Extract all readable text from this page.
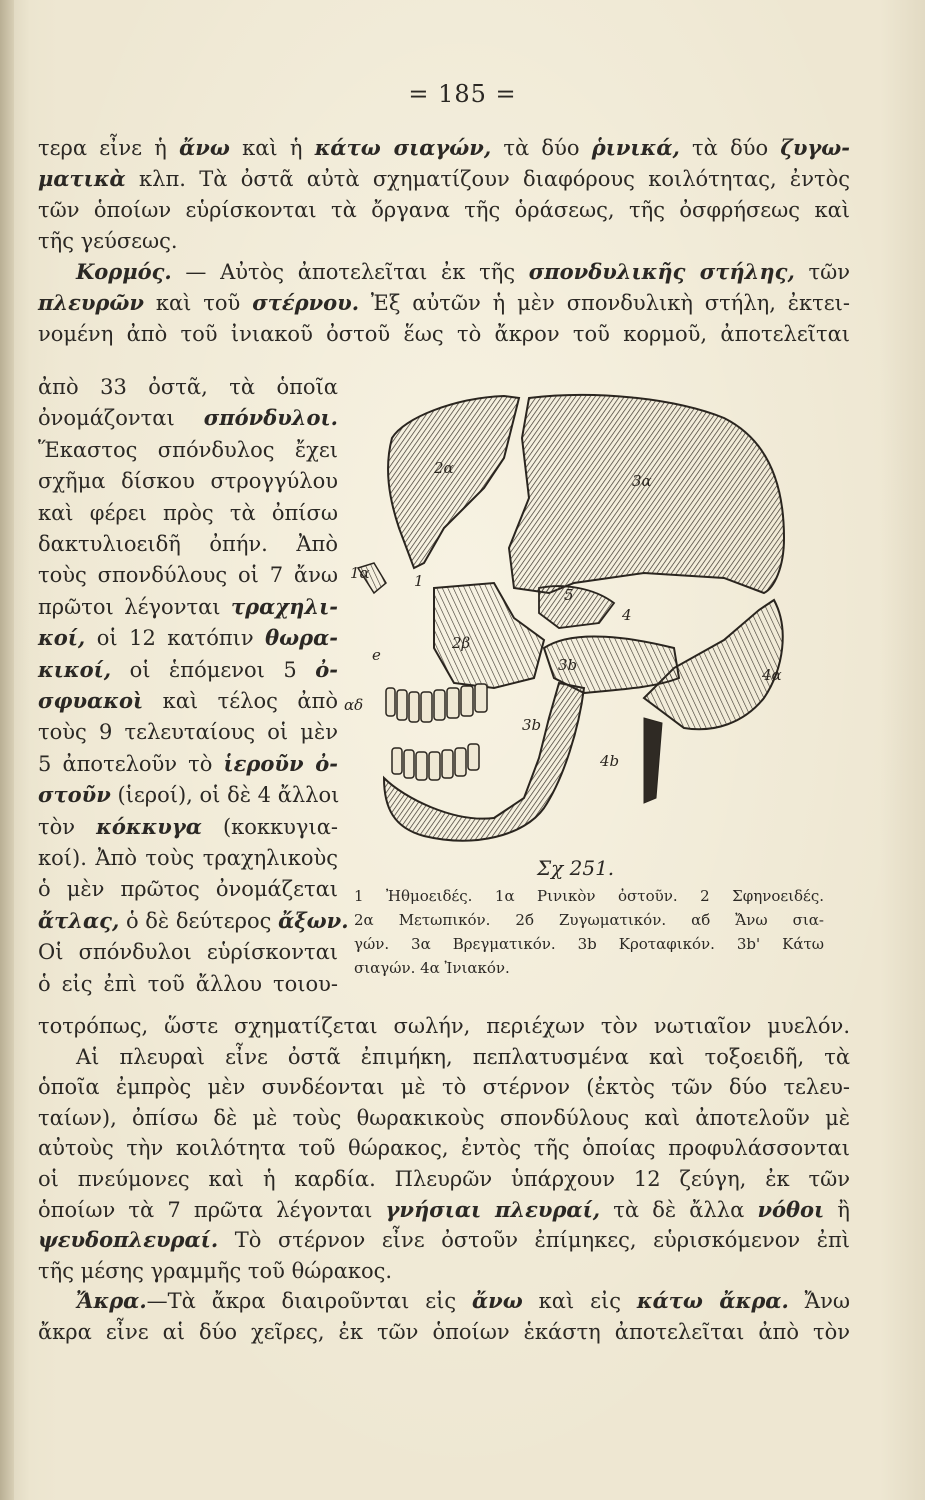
= 185 =
τερα εἶνε ἡ ἄνω καὶ ἡ κάτω σιαγών, τὰ δύο ῥινικά, τὰ δύο ζυγω-
ματικὰ κλπ. Τὰ ὀστᾶ αὐτὰ σχηματίζουν διαφόρους κοιλότητας, ἐντὸς
τῶν ὁποίων εὑρίσκονται τὰ ὄργανα τῆς ὁράσεως, τῆς ὀσφρήσεως καὶ
τῆς γεύσεως.
Κορμός. — Αὐτὸς ἀποτελεῖται ἐκ τῆς σπονδυλικῆς στήλης, τῶν
πλευρῶν καὶ τοῦ στέρνου. Ἐξ αὐτῶν ἡ μὲν σπονδυλικὴ στήλη, ἐκτει-
νομένη ἀπὸ τοῦ ἰνιακοῦ ὀστοῦ ἕως τὸ ἄκρον τοῦ κορμοῦ, ἀποτελεῖται
ἀπὸ 33 ὀστᾶ, τὰ ὁποῖα
ὀνομάζονται σπόνδυλοι.
Ἕκαστος σπόνδυλος ἔχει
σχῆμα δίσκου στρογγύλου
καὶ φέρει πρὸς τὰ ὀπίσω
δακτυλιοειδῆ ὀπήν. Ἀπὸ
τοὺς σπονδύλους οἱ 7 ἄνω
πρῶτοι λέγονται τραχηλι-
κοί, οἱ 12 κατόπιν θωρα-
κικοί, οἱ ἑπόμενοι 5 ὀ-
σφυακοὶ καὶ τέλος ἀπὸ
τοὺς 9 τελευταίους οἱ μὲν
5 ἀποτελοῦν τὸ ἱεροῦν ὀ-
στοῦν (ἱεροί), οἱ δὲ 4 ἄλλοι
τὸν κόκκυγα (κοκκυγια-
κοί). Ἀπὸ τοὺς τραχηλικοὺς
ὁ μὲν πρῶτος ὀνομάζεται
ἄτλας, ὁ δὲ δεύτερος ἄξων.
Οἱ σπόνδυλοι εὑρίσκονται
ὁ εἰς ἐπὶ τοῦ ἄλλου τοιου-
τοτρόπως, ὥστε σχηματίζεται σωλήν, περιέχων τὸν νωτιαῖον μυελόν.
Αἱ πλευραὶ εἶνε ὀστᾶ ἐπιμήκη, πεπλατυσμένα καὶ τοξοειδῆ, τὰ
ὁποῖα ἐμπρὸς μὲν συνδέονται μὲ τὸ στέρνον (ἐκτὸς τῶν δύο τελευ-
ταίων), ὀπίσω δὲ μὲ τοὺς θωρακικοὺς σπονδύλους καὶ ἀποτελοῦν μὲ
αὐτοὺς τὴν κοιλότητα τοῦ θώρακος, ἐντὸς τῆς ὁποίας προφυλάσσονται
οἱ πνεύμονες καὶ ἡ καρδία. Πλευρῶν ὑπάρχουν 12 ζεύγη, ἐκ τῶν
ὁποίων τὰ 7 πρῶτα λέγονται γνήσιαι πλευραί, τὰ δὲ ἄλλα νόθοι ἢ
ψευδοπλευραί. Τὸ στέρνον εἶνε ὀστοῦν ἐπίμηκες, εὑρισκόμενον ἐπὶ
τῆς μέσης γραμμῆς τοῦ θώρακος.
Ἄκρα.—Τὰ ἄκρα διαιροῦνται εἰς ἄνω καὶ εἰς κάτω ἄκρα. Ἄνω
ἄκρα εἶνε αἱ δύο χεῖρες, ἐκ τῶν ὁποίων ἑκάστη ἀποτελεῖται ἀπὸ τὸν
2α
3α
1α	1
5
4
e
2β
3b
4α
αδ
3b
4b
Σχ 251.
1 Ἠθμοειδές. 1α Ρινικὸν ὀστοῦν. 2 Σφηνοειδές.
2α Μετωπικόν. 2б Ζυγωματικόν. αб Ἄνω σια-
γών. 3α Βρεγματικόν. 3b Κροταφικόν. 3b' Κάτω
σιαγών. 4α Ἰνιακόν.
